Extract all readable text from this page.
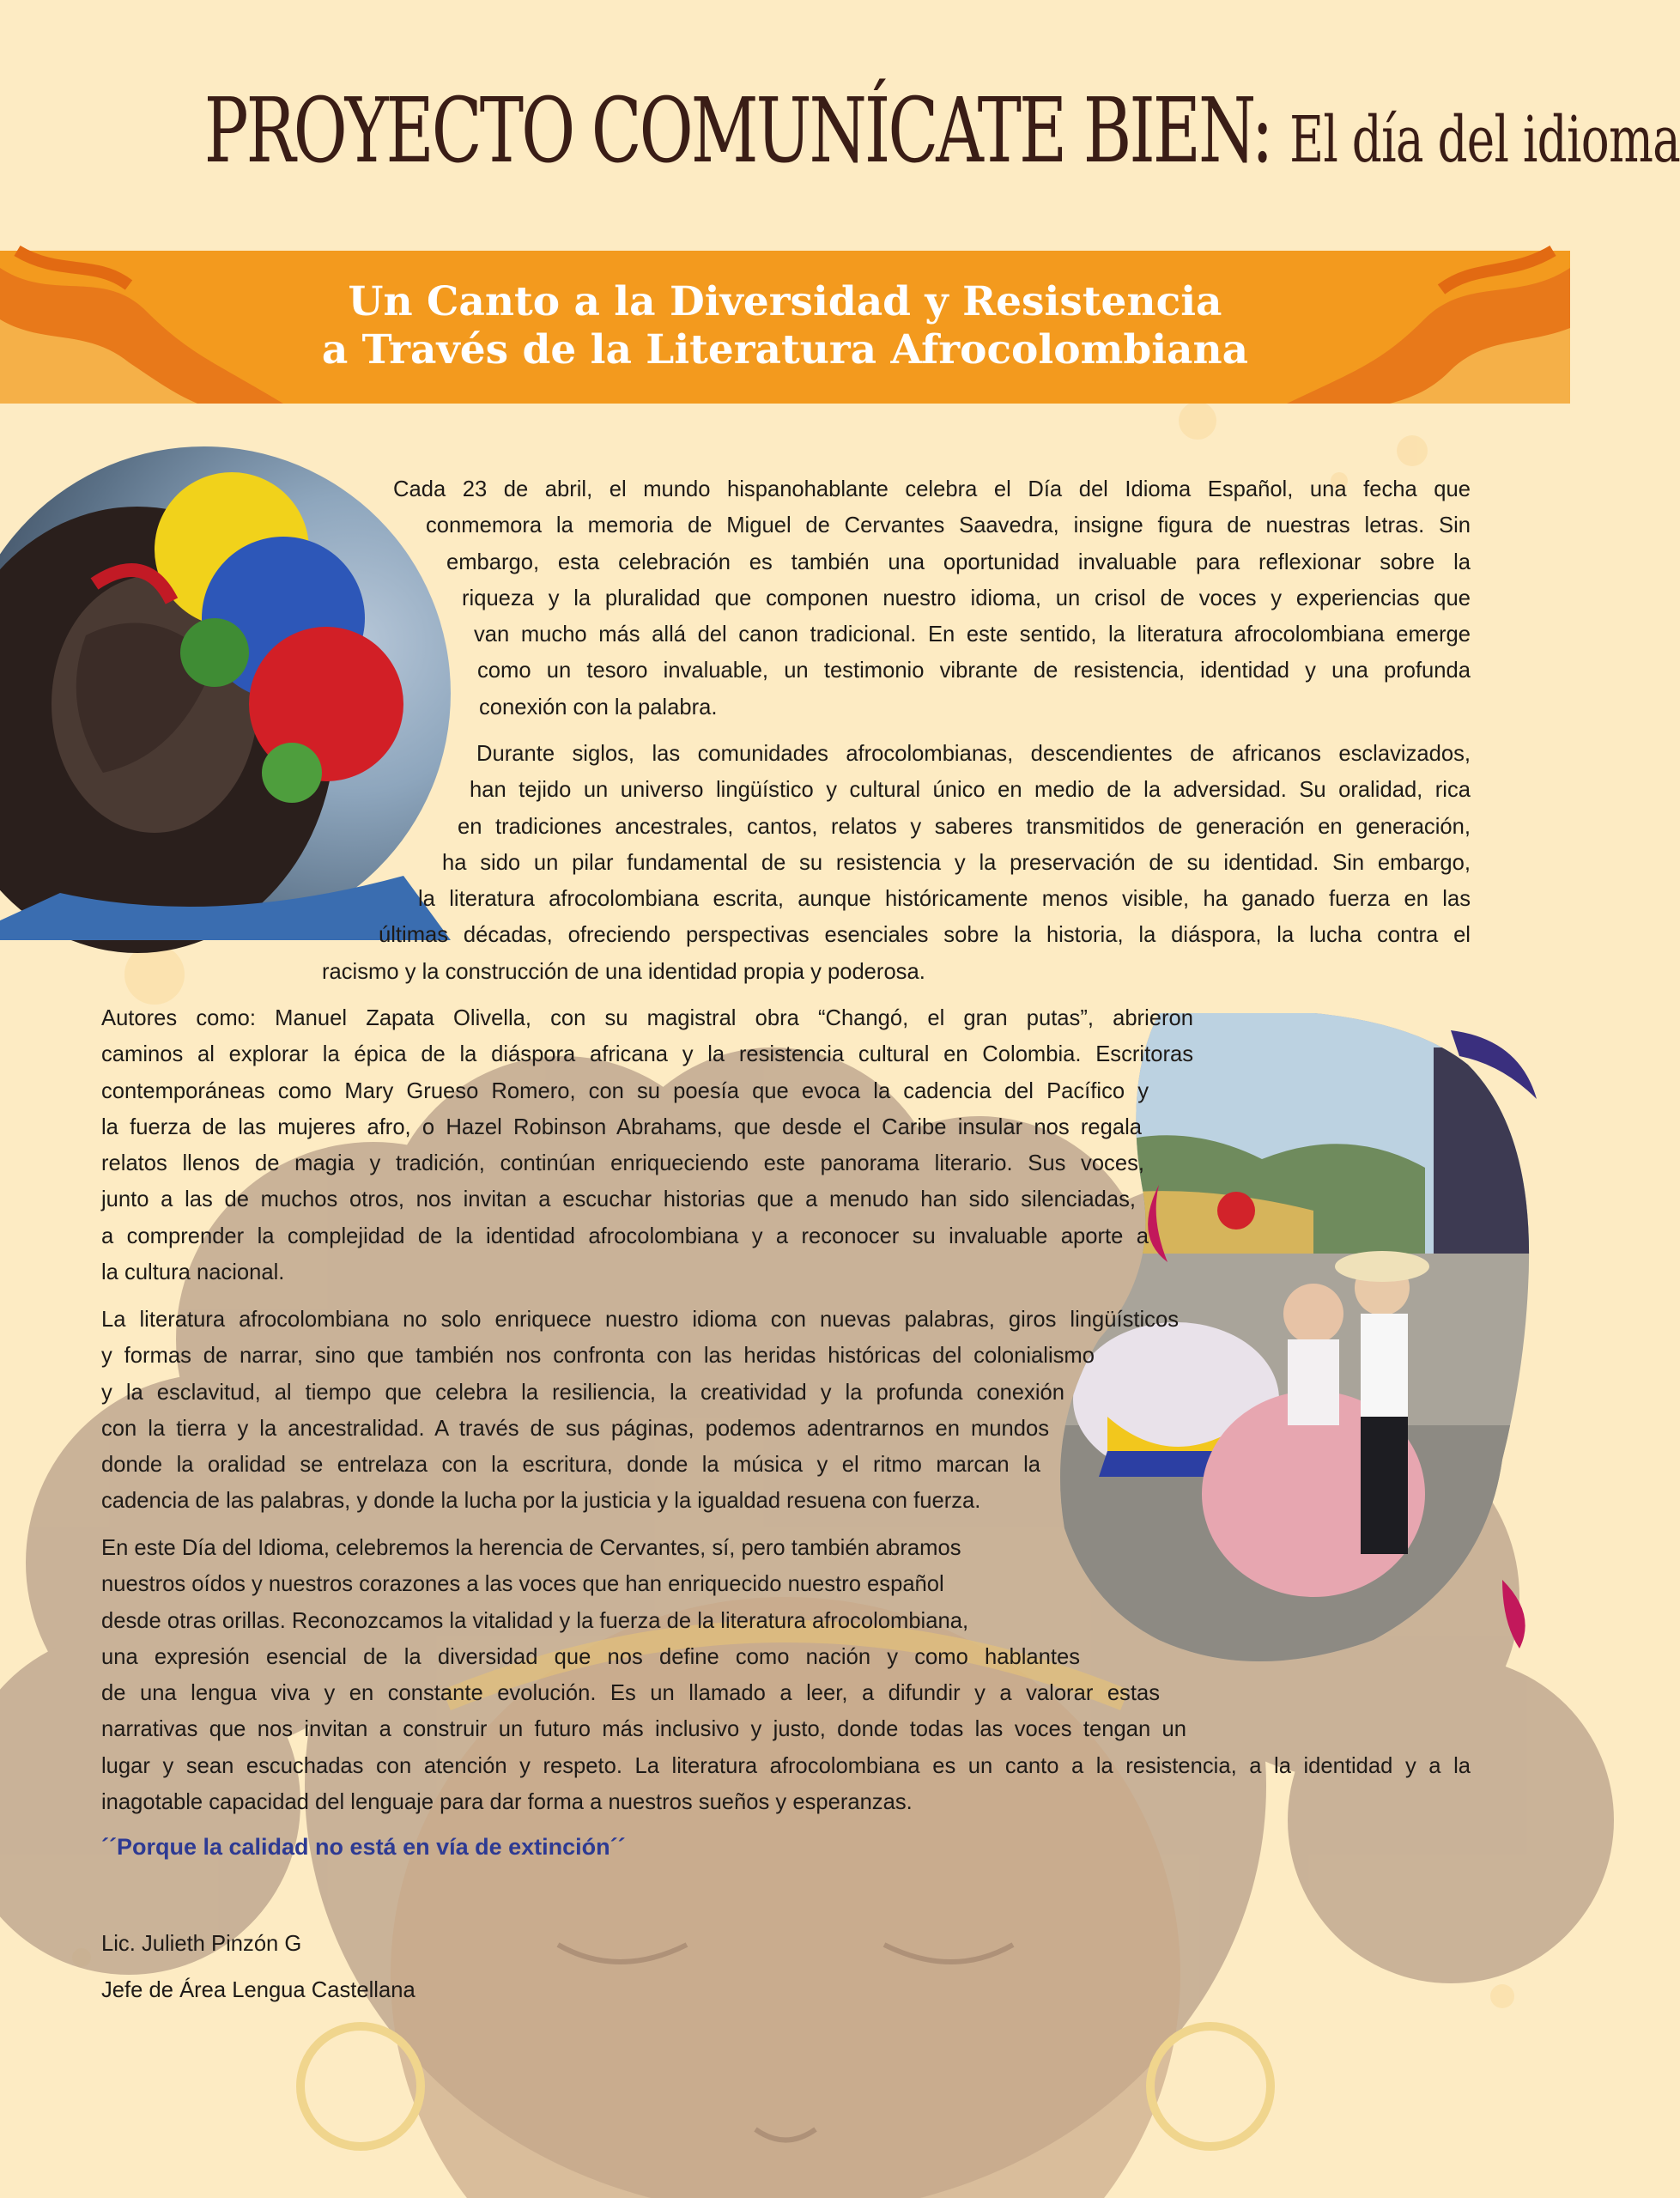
PROYECTO COMUNÍCATE BIEN: El día del idioma
Un Canto a la Diversidad y Resistencia
a Través de la Literatura Afrocolombiana
Cada 23 de abril, el mundo hispanohablante celebra el Día del Idioma Español, una fecha que
conmemora la memoria de Miguel de Cervantes Saavedra, insigne figura de nuestras letras. Sin
embargo, esta celebración es también una oportunidad invaluable para reflexionar sobre la
riqueza y la pluralidad que componen nuestro idioma, un crisol de voces y experiencias que
van mucho más allá del canon tradicional. En este sentido, la literatura afrocolombiana emerge
como un tesoro invaluable, un testimonio vibrante de resistencia, identidad y una profunda
conexión con la palabra.
Durante siglos, las comunidades afrocolombianas, descendientes de africanos esclavizados,
han tejido un universo lingüístico y cultural único en medio de la adversidad. Su oralidad, rica
en tradiciones ancestrales, cantos, relatos y saberes transmitidos de generación en generación,
ha sido un pilar fundamental de su resistencia y la preservación de su identidad. Sin embargo,
la literatura afrocolombiana escrita, aunque históricamente menos visible, ha ganado fuerza en las
últimas décadas, ofreciendo perspectivas esenciales sobre la historia, la diáspora, la lucha contra el
racismo y la construcción de una identidad propia y poderosa.
Autores como: Manuel Zapata Olivella, con su magistral obra “Changó, el gran putas”, abrieron
caminos al explorar la épica de la diáspora africana y la resistencia cultural en Colombia. Escritoras
contemporáneas como Mary Grueso Romero, con su poesía que evoca la cadencia del Pacífico y
la fuerza de las mujeres afro, o Hazel Robinson Abrahams, que desde el Caribe insular nos regala
relatos llenos de magia y tradición, continúan enriqueciendo este panorama literario. Sus voces,
junto a las de muchos otros, nos invitan a escuchar historias que a menudo han sido silenciadas,
a comprender la complejidad de la identidad afrocolombiana y a reconocer su invaluable aporte a
la cultura nacional.
La literatura afrocolombiana no solo enriquece nuestro idioma con nuevas palabras, giros lingüísticos
y formas de narrar, sino que también nos confronta con las heridas históricas del colonialismo
y la esclavitud, al tiempo que celebra la resiliencia, la creatividad y la profunda conexión
con la tierra y la ancestralidad. A través de sus páginas, podemos adentrarnos en mundos
donde la oralidad se entrelaza con la escritura, donde la música y el ritmo marcan la
cadencia de las palabras, y donde la lucha por la justicia y la igualdad resuena con fuerza.
En este Día del Idioma, celebremos la herencia de Cervantes, sí, pero también abramos
nuestros oídos y nuestros corazones a las voces que han enriquecido nuestro español
desde otras orillas. Reconozcamos la vitalidad y la fuerza de la literatura afrocolombiana,
una expresión esencial de la diversidad que nos define como nación y como hablantes
de una lengua viva y en constante evolución. Es un llamado a leer, a difundir y a valorar estas
narrativas que nos invitan a construir un futuro más inclusivo y justo, donde todas las voces tengan un
lugar y sean escuchadas con atención y respeto. La literatura afrocolombiana es un canto a la resistencia, a la identidad y a la
inagotable capacidad del lenguaje para dar forma a nuestros sueños y esperanzas.
´´Porque la calidad no está en vía de extinción´´
Lic. Julieth Pinzón G
Jefe de Área Lengua Castellana
